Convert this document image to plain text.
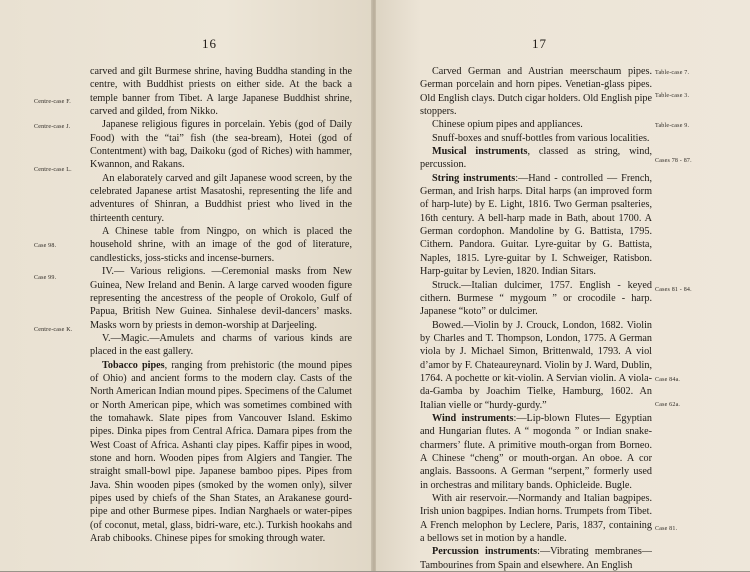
16

carved and gilt Burmese shrine, having Buddha standing in the centre, with Buddhist priests on either side. At the back a temple banner from Tibet. A large Japanese Buddhist shrine, carved and gilded, from Nikko.

Japanese religious figures in porcelain. Yebis (god of Daily Food) with the “tai” fish (the sea-bream), Hotei (god of Contentment) with bag, Daikoku (god of Riches) with hammer, Kwannon, and Rakans.

An elaborately carved and gilt Japanese wood screen, by the celebrated Japanese artist Masatoshi, representing the life and adventures of Shinran, a Buddhist priest who lived in the thirteenth century.

A Chinese table from Ningpo, on which is placed the household shrine, with an image of the god of literature, candlesticks, joss-sticks and incense-burners.

IV.— Various religions. —Ceremonial masks from New Guinea, New Ireland and Benin. A large carved wooden figure representing the ancestress of the people of Orokolo, Gulf of Papua, British New Guinea. Sinhalese devil-dancers’ masks. Masks worn by priests in demon-worship at Darjeeling.

V.—Magic.—Amulets and charms of various kinds are placed in the east gallery.

Tobacco pipes, ranging from prehistoric (the mound pipes of Ohio) and ancient forms to the modern clay. Casts of the North American Indian mound pipes. Specimens of the Calumet or North American pipe, which was sometimes combined with the tomahawk. Slate pipes from Vancouver Island. Eskimo pipes. Dinka pipes from Central Africa. Damara pipes from the West Coast of Africa. Ashanti clay pipes. Kaffir pipes in wood, stone and horn. Wooden pipes from Algiers and Tangier. The straight small-bowl pipe. Japanese bamboo pipes. Pipes from Java. Shin wooden pipes (smoked by the women only), silver pipes used by chiefs of the Shan States, an Arakanese gourd-pipe and other Burmese pipes. Indian Narghaels or water-pipes (of coconut, metal, glass, bidri-ware, etc.). Turkish hookahs and Arab chibooks. Chinese pipes for smoking through water.

Centre-case F.
Centre-case J.
Centre-case L.
Case 98.
Case 99.
Centre-case K.
17

Carved German and Austrian meerschaum pipes. German porcelain and horn pipes. Venetian-glass pipes. Old English clays. Dutch cigar holders. Old English pipe stoppers.

Chinese opium pipes and appliances.

Snuff-boxes and snuff-bottles from various localities.

Musical instruments, classed as string, wind, percussion.

String instruments:—Hand - controlled — French, German, and Irish harps. Dital harps (an improved form of harp-lute) by E. Light, 1816. Two German psalteries, 16th century. A bell-harp made in Bath, about 1700. A German cordophon. Mandoline by G. Battista, 1795. Cithern. Pandora. Guitar. Lyre-guitar by G. Battista, Naples, 1815. Lyre-guitar by I. Schweiger, Ratisbon. Harp-guitar by Levien, 1820. Indian Sitars.

Struck.—Italian dulcimer, 1757. English - keyed cithern. Burmese “ mygoum ” or crocodile - harp. Japanese “koto” or dulcimer.

Bowed.—Violin by J. Crouck, London, 1682. Violin by Charles and T. Thompson, London, 1775. A German viola by J. Michael Simon, Brittenwald, 1793. A viol d’amor by F. Chateaureynard. Violin by J. Ward, Dublin, 1764. A pochette or kit-violin. A Servian violin. A viola-da-Gamba by Joachim Tielke, Hamburg, 1602. An Italian vielle or “hurdy-gurdy.”

Wind instruments:—Lip-blown Flutes— Egyptian and Hungarian flutes. A “ mogonda ” or Indian snake-charmers’ flute. A primitive mouth-organ from Borneo. A Chinese “cheng” or mouth-organ. An oboe. A cor anglais. Bassoons. A German “serpent,” formerly used in orchestras and military bands. Ophicleide. Bugle.

With air reservoir.—Normandy and Italian bagpipes. Irish union bagpipes. Indian horns. Trumpets from Tibet. A French melophon by Leclere, Paris, 1837, containing a bellows set in motion by a handle.

Percussion instruments:—Vibrating membranes— Tambourines from Spain and elsewhere. An English

Table-case 7.
Table-case 3.
Table-case 9.
Cases 78 - 87.
Cases 81 - 84.
Case 84a.
Case 62a.
Case 81.
